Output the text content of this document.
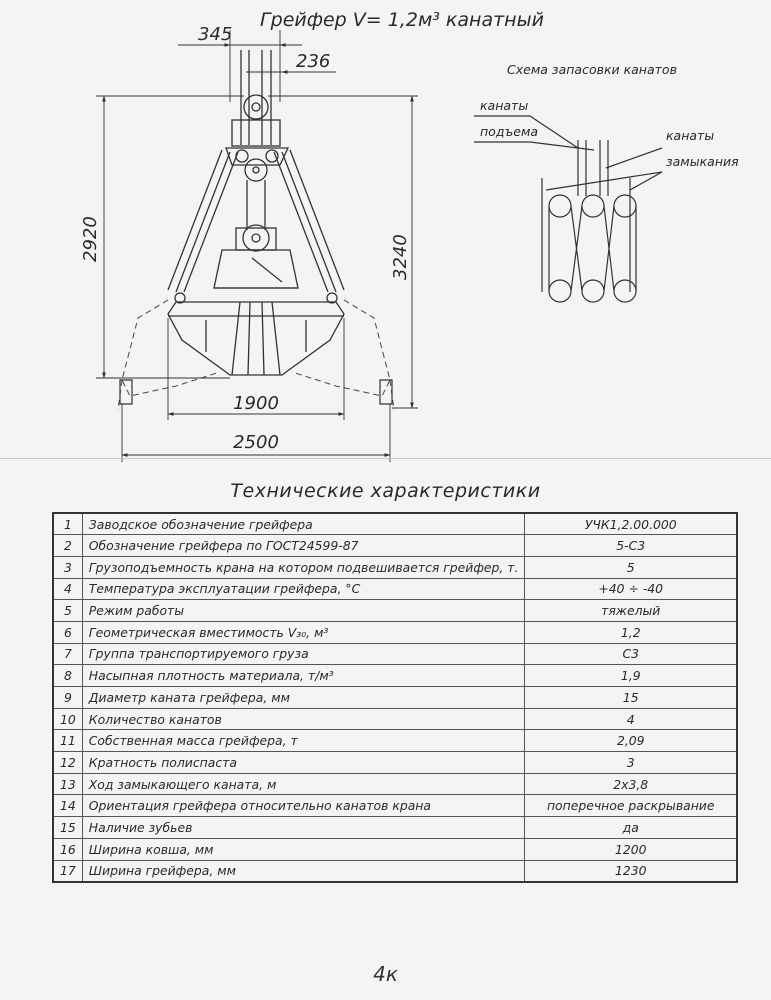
Грейфер V= 1,2м³ канатный
345
236
2920	3240
1900
2500
Схема запасовки канатов
канаты
подъема	канаты
замыкания
Технические характеристики
1	Заводское обозначение грейфера	УЧК1,2.00.000
2	Обозначение грейфера по ГОСТ24599-87	5-С3
3	Грузоподъемность крана на котором подвешивается грейфер, т.	5
4	Температура эксплуатации грейфера, °С	+40 ÷ -40
5	Режим работы	тяжелый
6	Геометрическая вместимость V₃₀, м³	1,2
7	Группа транспортируемого груза	С3
8	Насыпная плотность материала, т/м³	1,9
9	Диаметр каната грейфера, мм	15
10	Количество канатов	4
11	Собственная масса грейфера, т	2,09
12	Кратность полиспаста	3
13	Ход замыкающего каната, м	2х3,8
14	Ориентация грейфера относительно канатов крана	поперечное раскрывание
15	Наличие зубьев	да
16	Ширина ковша, мм	1200
17	Ширина грейфера, мм	1230
4к
